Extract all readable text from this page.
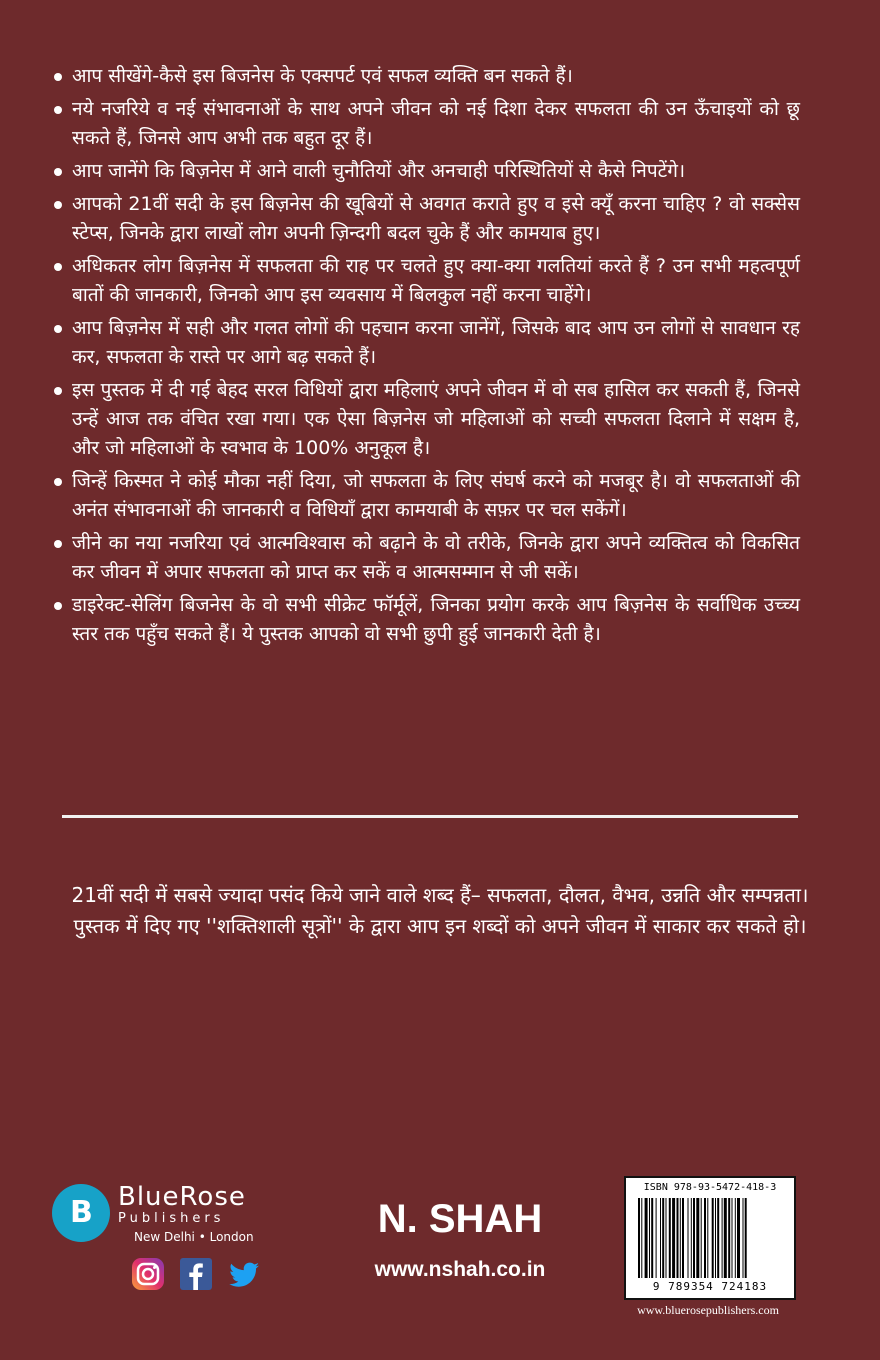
आप सीखेंगे-कैसे इस बिजनेस के एक्सपर्ट एवं सफल व्यक्ति बन सकते हैं।
नये नजरिये व नई संभावनाओं के साथ अपने जीवन को नई दिशा देकर सफलता की उन ऊँचाइयों को छू सकते हैं, जिनसे आप अभी तक बहुत दूर हैं।
आप जानेंगे कि बिज़नेस में आने वाली चुनौतियों और अनचाही परिस्थितियों से कैसे निपटेंगे।
आपको 21वीं सदी के इस बिज़नेस की खूबियों से अवगत कराते हुए व इसे क्यूँ करना चाहिए ? वो सक्सेस स्टेप्स, जिनके द्वारा लाखों लोग अपनी ज़िन्दगी बदल चुके हैं और कामयाब हुए।
अधिकतर लोग बिज़नेस में सफलता की राह पर चलते हुए क्या-क्या गलतियां करते हैं ? उन सभी महत्वपूर्ण बातों की जानकारी, जिनको आप इस व्यवसाय में बिलकुल नहीं करना चाहेंगे।
आप बिज़नेस में सही और गलत लोगों की पहचान करना जानेंगें, जिसके बाद आप उन लोगों से सावधान रह कर, सफलता के रास्ते पर आगे बढ़ सकते हैं।
इस पुस्तक में दी गई बेहद सरल विधियों द्वारा महिलाएं अपने जीवन में वो सब हासिल कर सकती हैं, जिनसे उन्हें आज तक वंचित रखा गया। एक ऐसा बिज़नेस जो महिलाओं को सच्ची सफलता दिलाने में सक्षम है, और जो महिलाओं के स्वभाव के 100% अनुकूल है।
जिन्हें किस्मत ने कोई मौका नहीं दिया, जो सफलता के लिए संघर्ष करने को मजबूर है। वो सफलताओं की अनंत संभावनाओं की जानकारी व विधियाँ द्वारा कामयाबी के सफ़र पर चल सकेंगें।
जीने का नया नजरिया एवं आत्मविश्वास को बढ़ाने के वो तरीके, जिनके द्वारा अपने व्यक्तित्व को विकसित कर जीवन में अपार सफलता को प्राप्त कर सकें व आत्मसम्मान से जी सकें।
डाइरेक्ट-सेलिंग बिजनेस के वो सभी सीक्रेट फॉर्मूलें, जिनका प्रयोग करके आप बिज़नेस के सर्वाधिक उच्च्य स्तर तक पहुँच सकते हैं। ये पुस्तक आपको वो सभी छुपी हुई जानकारी देती है।
21वीं सदी में सबसे ज्यादा पसंद किये जाने वाले शब्द हैं– सफलता, दौलत, वैभव, उन्नति और सम्पन्नता। पुस्तक में दिए गए ''शक्तिशाली सूत्रों'' के द्वारा आप इन शब्दों को अपने जीवन में साकार कर सकते हो।
B BlueRose
Publishers
New Delhi • London	N. SHAH
www.nshah.co.in
ISBN 978-93-5472-418-3
9 789354 724183
www.bluerosepublishers.com
